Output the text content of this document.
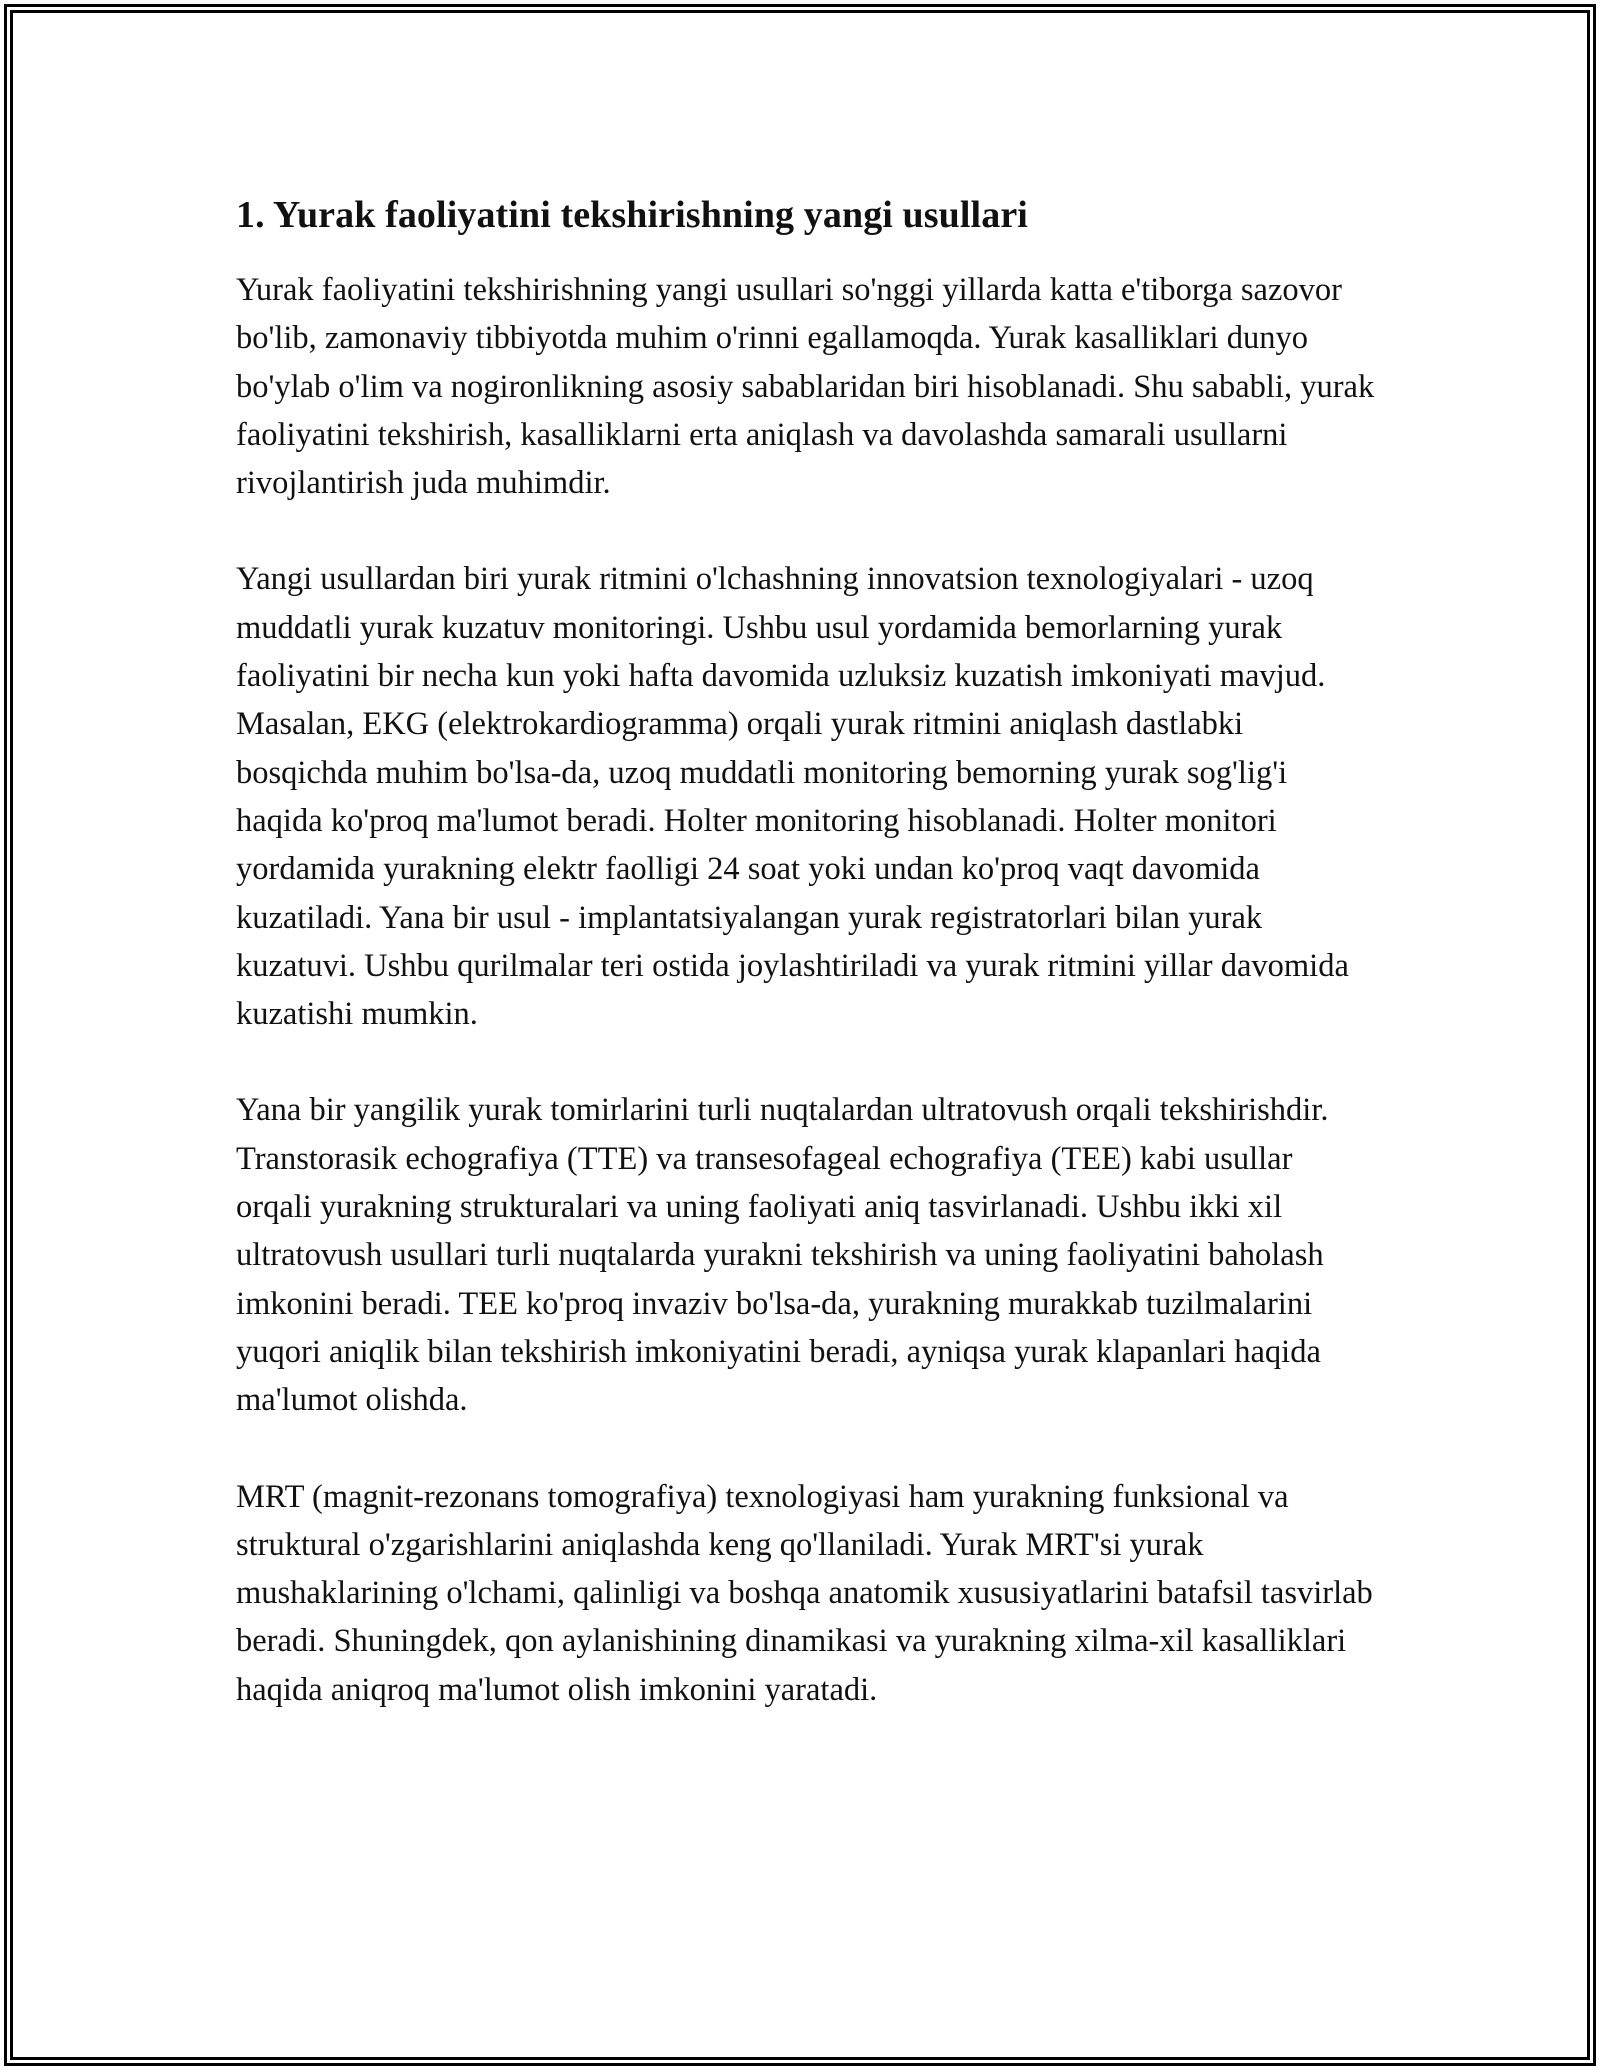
1. Yurak faoliyatini tekshirishning yangi usullari

Yurak faoliyatini tekshirishning yangi usullari so'nggi yillarda katta e'tiborga sazovor bo'lib, zamonaviy tibbiyotda muhim o'rinni egallamoqda. Yurak kasalliklari dunyo bo'ylab o'lim va nogironlikning asosiy sabablaridan biri hisoblanadi. Shu sababli, yurak faoliyatini tekshirish, kasalliklarni erta aniqlash va davolashda samarali usullarni rivojlantirish juda muhimdir.

Yangi usullardan biri yurak ritmini o'lchashning innovatsion texnologiyalari - uzoq muddatli yurak kuzatuv monitoringi. Ushbu usul yordamida bemorlarning yurak faoliyatini bir necha kun yoki hafta davomida uzluksiz kuzatish imkoniyati mavjud. Masalan, EKG (elektrokardiogramma) orqali yurak ritmini aniqlash dastlabki bosqichda muhim bo'lsa-da, uzoq muddatli monitoring bemorning yurak sog'lig'i haqida ko'proq ma'lumot beradi. Holter monitoring hisoblanadi. Holter monitori yordamida yurakning elektr faolligi 24 soat yoki undan ko'proq vaqt davomida kuzatiladi. Yana bir usul - implantatsiyalangan yurak registratorlari bilan yurak kuzatuvi. Ushbu qurilmalar teri ostida joylashtiriladi va yurak ritmini yillar davomida kuzatishi mumkin.

Yana bir yangilik yurak tomirlarini turli nuqtalardan ultratovush orqali tekshirishdir. Transtorasik echografiya (TTE) va transesofageal echografiya (TEE) kabi usullar orqali yurakning strukturalari va uning faoliyati aniq tasvirlanadi. Ushbu ikki xil ultratovush usullari turli nuqtalarda yurakni tekshirish va uning faoliyatini baholash imkonini beradi. TEE ko'proq invaziv bo'lsa-da, yurakning murakkab tuzilmalarini yuqori aniqlik bilan tekshirish imkoniyatini beradi, ayniqsa yurak klapanlari haqida ma'lumot olishda.

MRT (magnit-rezonans tomografiya) texnologiyasi ham yurakning funksional va struktural o'zgarishlarini aniqlashda keng qo'llaniladi. Yurak MRT'si yurak mushaklarining o'lchami, qalinligi va boshqa anatomik xususiyatlarini batafsil tasvirlab beradi. Shuningdek, qon aylanishining dinamikasi va yurakning xilma-xil kasalliklari haqida aniqroq ma'lumot olish imkonini yaratadi.
